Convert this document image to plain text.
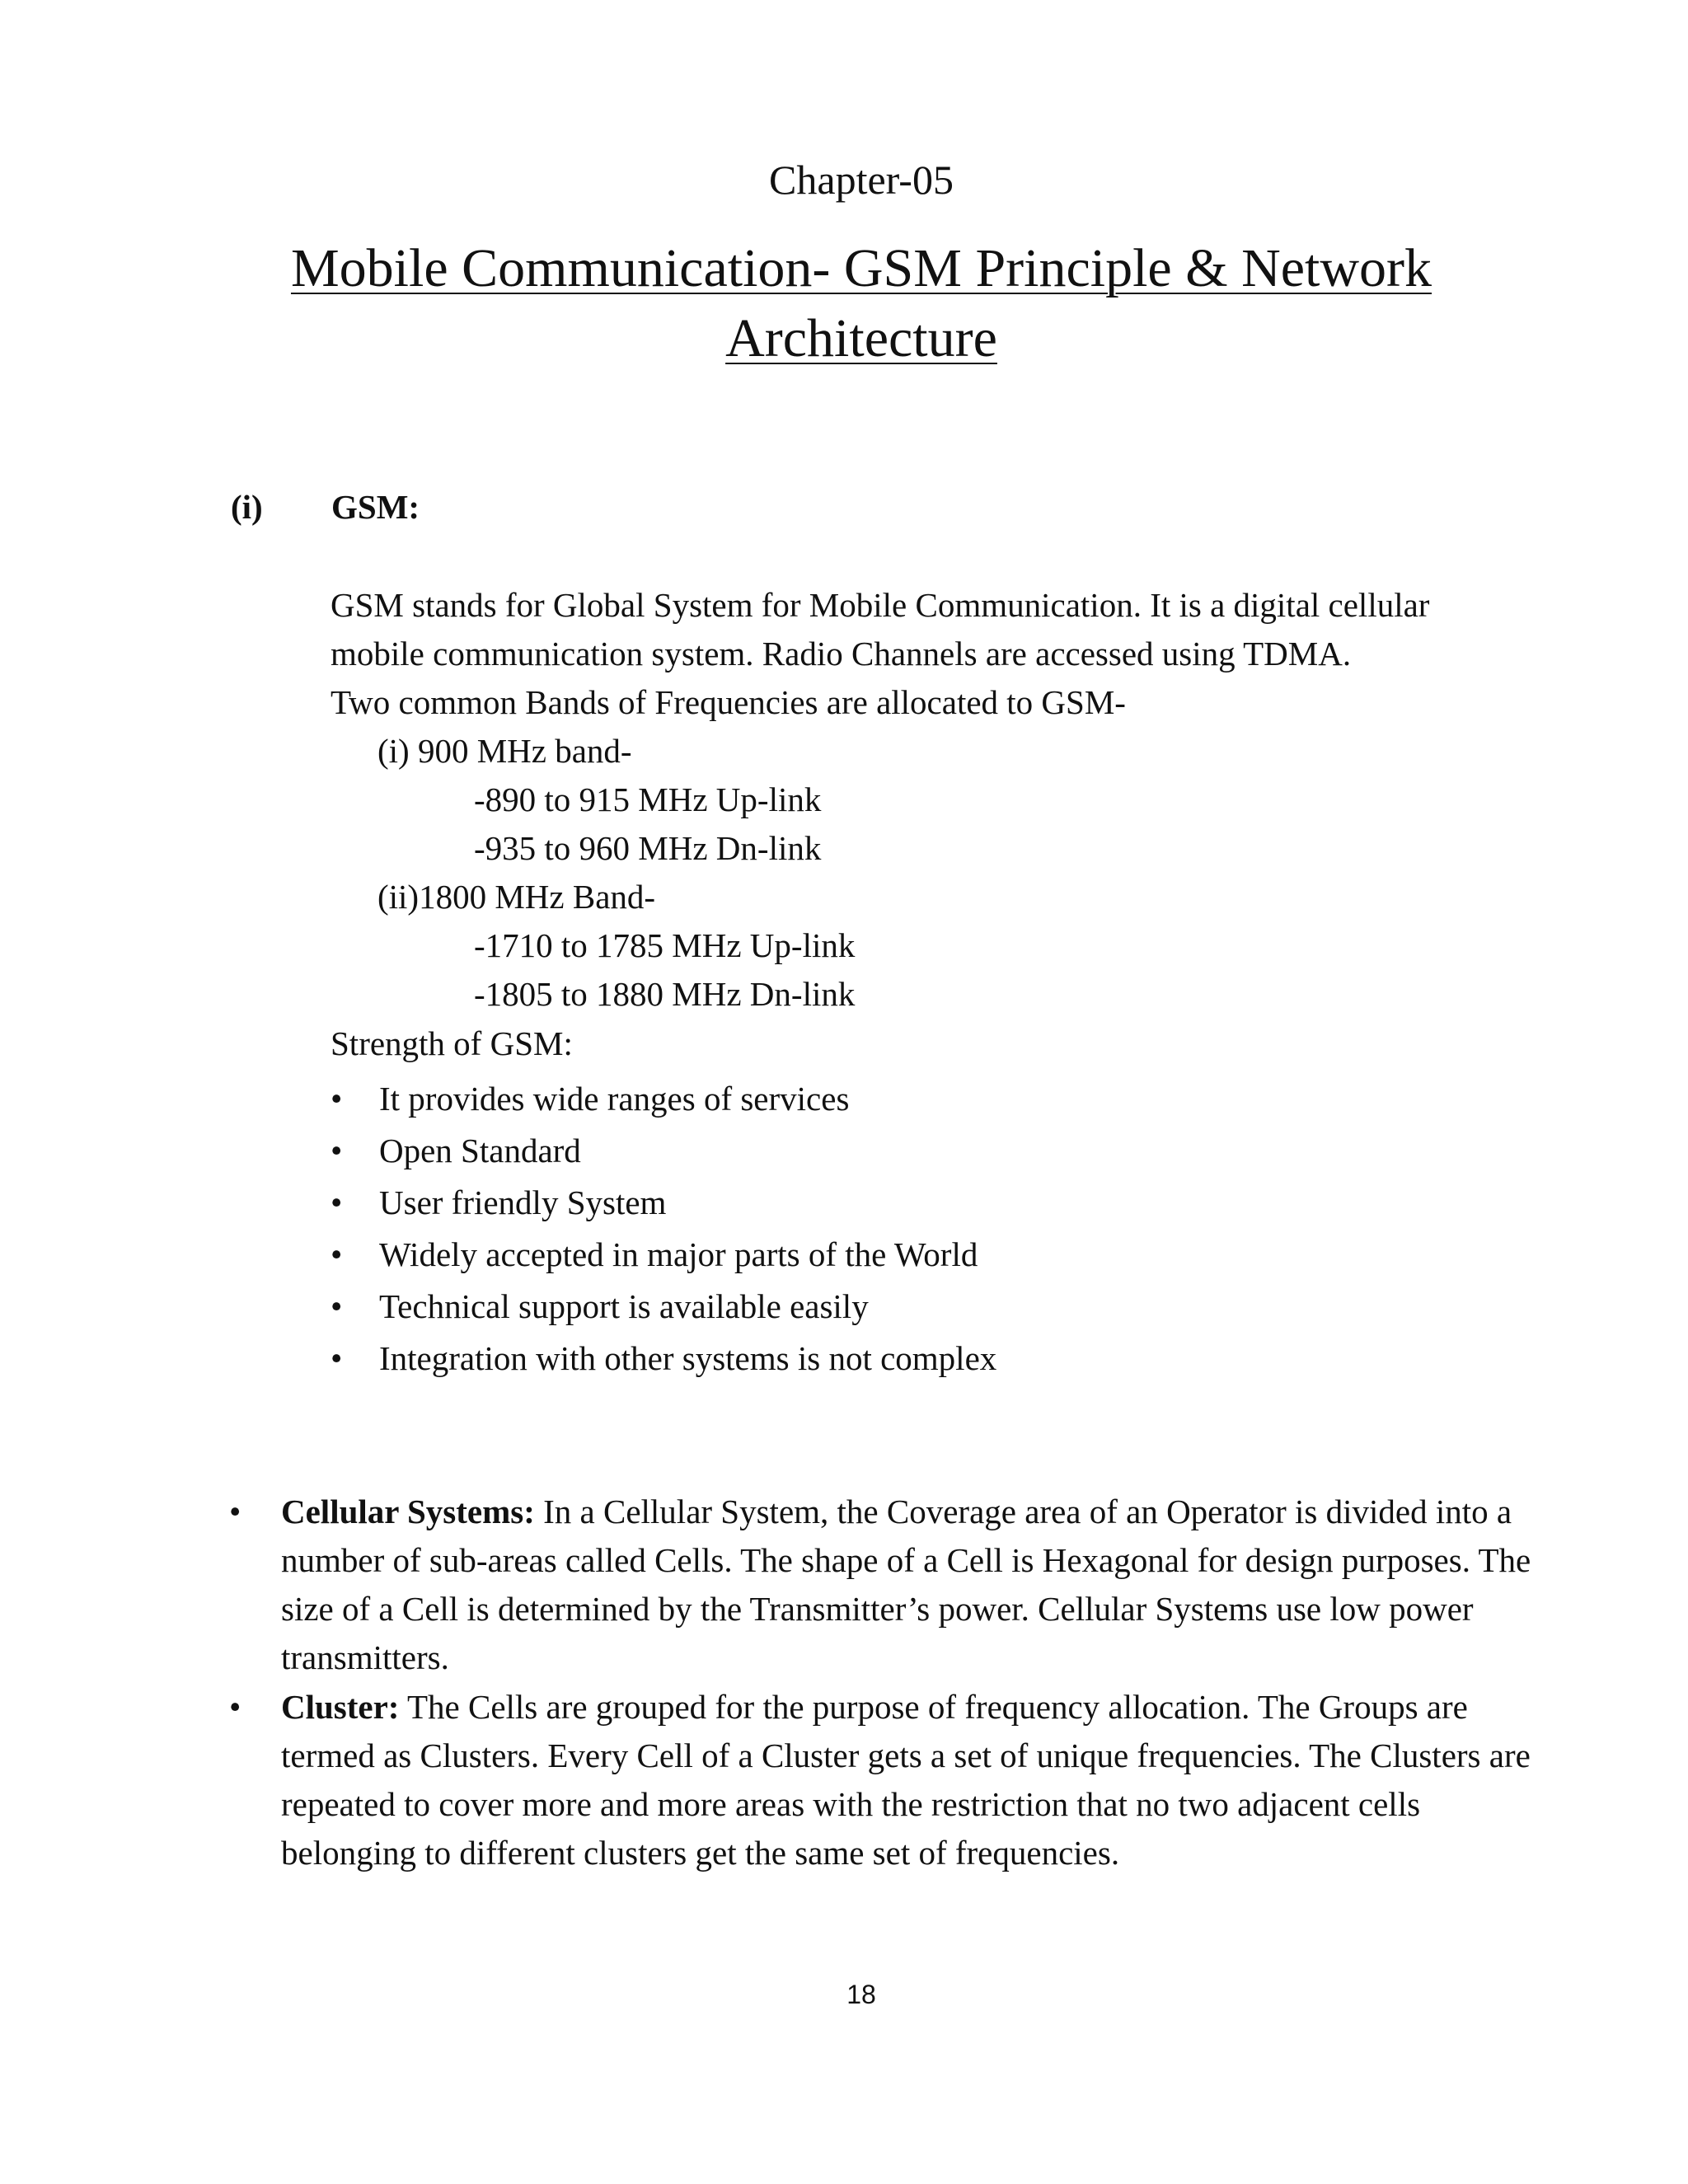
Chapter-05
Mobile Communication- GSM Principle & Network
Architecture
(i) GSM:
GSM stands for Global System for Mobile Communication. It is a digital cellular
mobile communication system. Radio Channels are accessed using TDMA.
Two common Bands of Frequencies are allocated to GSM-
(i) 900 MHz band-
-890 to 915 MHz Up-link
-935 to 960 MHz Dn-link
(ii)1800 MHz Band-
-1710 to 1785 MHz Up-link
-1805 to 1880 MHz Dn-link
Strength of GSM:
• It provides wide ranges of services
• Open Standard
• User friendly System
• Widely accepted in major parts of the World
• Technical support is available easily
• Integration with other systems is not complex
• Cellular Systems: In a Cellular System, the Coverage area of an Operator is divided into a number of sub-areas called Cells. The shape of a Cell is Hexagonal for design purposes. The size of a Cell is determined by the Transmitter’s power. Cellular Systems use low power transmitters.
• Cluster: The Cells are grouped for the purpose of frequency allocation. The Groups are termed as Clusters. Every Cell of a Cluster gets a set of unique frequencies. The Clusters are repeated to cover more and more areas with the restriction that no two adjacent cells belonging to different clusters get the same set of frequencies.
18
